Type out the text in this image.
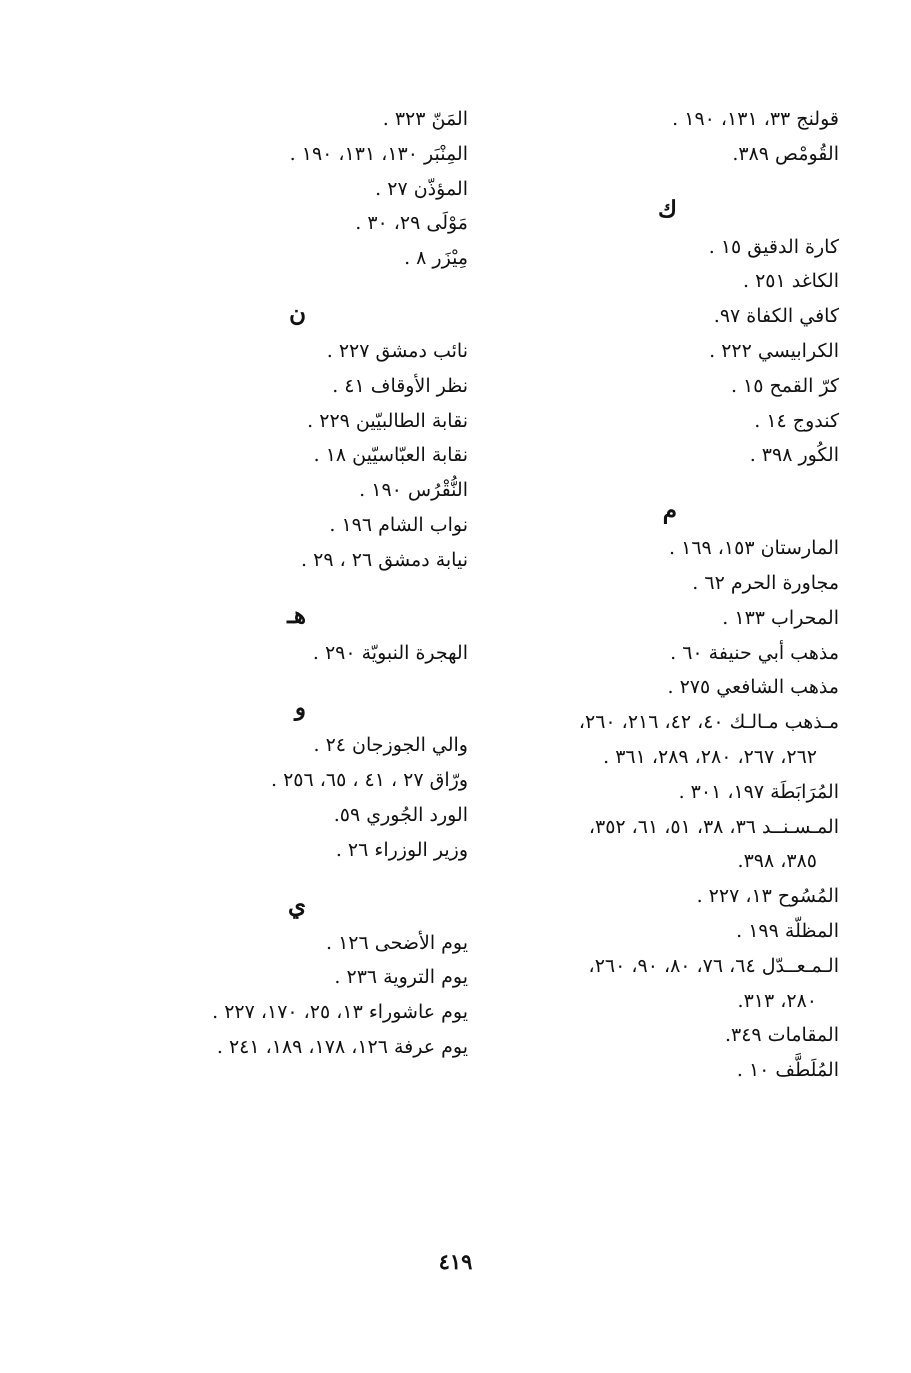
قولنج ٣٣، ١٣١، ١٩٠ .
القُومْص ٣٨٩.
ك
كارة الدقيق ١٥ .
الكاغد ٢٥١ .
كافي الكفاة ٩٧.
الكرابيسي ٢٢٢ .
كرّ القمح ١٥ .
كندوج ١٤ .
الكُور ٣٩٨ .
م
المارستان ١٥٣، ١٦٩ .
مجاورة الحرم ٦٢ .
المحراب ١٣٣ .
مذهب أبي حنيفة ٦٠ .
مذهب الشافعي ٢٧٥ .
مـذهب مـالـك ٤٠، ٤٢، ٢١٦، ٢٦٠،
٢٦٢، ٢٦٧، ٢٨٠، ٢٨٩، ٣٦١ .
المُرَابَطَة ١٩٧، ٣٠١ .
المـسـنــد ٣٦، ٣٨، ٥١، ٦١، ٣٥٢،
٣٨٥، ٣٩٨.
المُسُوح ١٣، ٢٢٧ .
المظلّة ١٩٩ .
الـمـعــدّل ٦٤، ٧٦، ٨٠، ٩٠، ٢٦٠،
٢٨٠، ٣١٣.
المقامات ٣٤٩.
المُلَطَّف ١٠ .
المَنّ ٣٢٣ .
المِنْبَر ١٣٠، ١٣١، ١٩٠ .
المؤذّن ٢٧ .
مَوْلَى ٢٩، ٣٠ .
مِيْزَر ٨ .
ن
نائب دمشق ٢٢٧ .
نظر الأوقاف ٤١ .
نقابة الطالبيّين ٢٢٩ .
نقابة العبّاسيّين ١٨ .
النُّقْرُس ١٩٠ .
نواب الشام ١٩٦ .
نيابة دمشق ٢٦ ، ٢٩ .
هـ
الهجرة النبويّة ٢٩٠ .
و
والي الجوزجان ٢٤ .
ورّاق ٢٧ ، ٤١ ، ٦٥، ٢٥٦ .
الورد الجُوري ٥٩.
وزير الوزراء ٢٦ .
ي
يوم الأضحى ١٢٦ .
يوم التروية ٢٣٦ .
يوم عاشوراء ١٣، ٢٥، ١٧٠، ٢٢٧ .
يوم عرفة ١٢٦، ١٧٨، ١٨٩، ٢٤١ .
٤١٩
